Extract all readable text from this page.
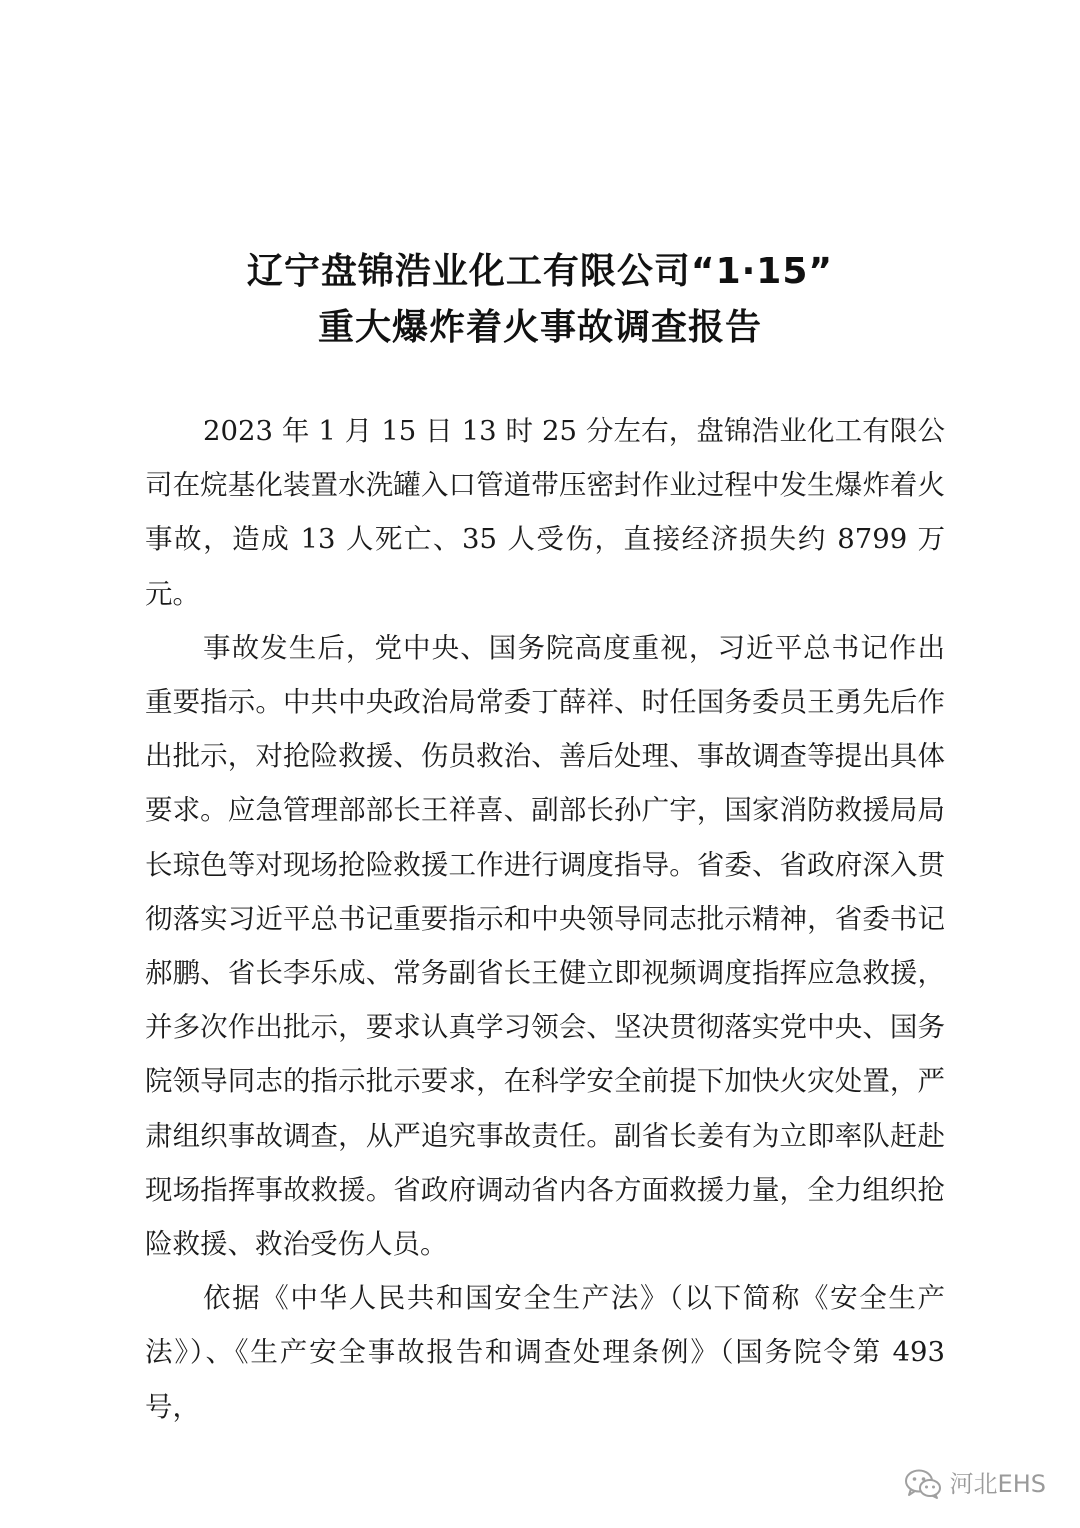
辽宁盘锦浩业化工有限公司“1·15”
重大爆炸着火事故调查报告

2023 年 1 月 15 日 13 时 25 分左右，盘锦浩业化工有限公司在烷基化装置水洗罐入口管道带压密封作业过程中发生爆炸着火事故，造成 13 人死亡、35 人受伤，直接经济损失约 8799 万元。

事故发生后，党中央、国务院高度重视，习近平总书记作出重要指示。中共中央政治局常委丁薛祥、时任国务委员王勇先后作出批示，对抢险救援、伤员救治、善后处理、事故调查等提出具体要求。应急管理部部长王祥喜、副部长孙广宇，国家消防救援局局长琼色等对现场抢险救援工作进行调度指导。省委、省政府深入贯彻落实习近平总书记重要指示和中央领导同志批示精神，省委书记郝鹏、省长李乐成、常务副省长王健立即视频调度指挥应急救援，并多次作出批示，要求认真学习领会、坚决贯彻落实党中央、国务院领导同志的指示批示要求，在科学安全前提下加快火灾处置，严肃组织事故调查，从严追究事故责任。副省长姜有为立即率队赶赴现场指挥事故救援。省政府调动省内各方面救援力量，全力组织抢险救援、救治受伤人员。

依据《中华人民共和国安全生产法》（以下简称《安全生产法》）、《生产安全事故报告和调查处理条例》（国务院令第 493 号，

河北EHS
